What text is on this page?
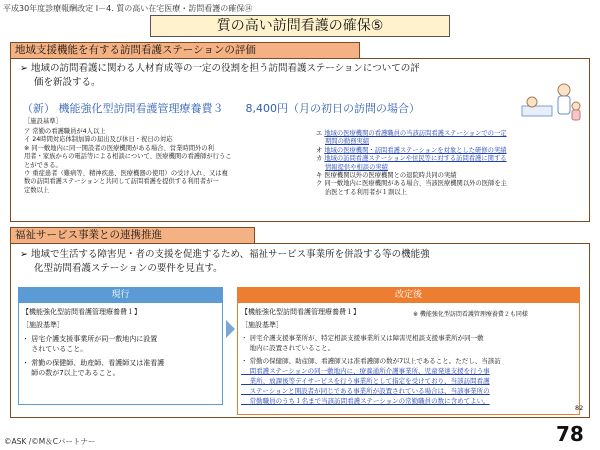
平成30年度診療報酬改定 Ⅰ－4. 質の高い在宅医療・訪問看護の確保⑭
質の高い訪問看護の確保⑤
地域支援機能を有する訪問看護ステーションの評価
➢ 地域の訪問看護に関わる人材育成等の一定の役割を担う訪問看護ステーションについての評
価を新設する。
（新） 機能強化型訪問看護管理療養費３　　8,400円（月の初日の訪問の場合）
［施設基準］
ア 常勤の看護職員が4人以上
イ 24時間対応体制加算の届出及び休日・祝日の対応
※ 同一敷地内に同一開設者の医療機関がある場合、営業時間外の利
用者・家族からの電話等による相談について、医療機関の看護師が行うこ
とができる。
ウ 重症患者（難病等、精神疾患、医療機器の使用）の受け入れ、又は複
数の訪問看護ステーションと共同して訪問看護を提供する利用者が一
定数以上
エ 地域の医療機関の看護職員の当該訪問看護ステーションでの一定
期間の勤務実績
オ 地域の医療機関・訪問看護ステーションを対象とした研修の実績
カ 地域の訪問看護ステーションや住民等に対する訪問看護に関する
情報提供や相談の実績
キ 医療機関以外の医療機関との退院時共同の実績
ク 同一敷地内に医療機関がある場合、当該医療機関以外の医師を主
治医とする利用者が１割以上
福祉サービス事業との連携推進
➢ 地域で生活する障害児・者の支援を促進するため、福祉サービス事業所を併設する等の機能強
化型訪問看護ステーションの要件を見直す。
現行
【機能強化型訪問看護管理療養費１】
［施設基準］
・ 居宅介護支援事業所が同一敷地内に設置
　 されていること。
・ 常勤の保健師、助産師、看護師又は准看護
　 師の数が7以上であること。
改定後
【機能強化型訪問看護管理療養費１】	※ 機能強化型訪問看護管理療養費２も同様
［施設基準］
・ 居宅介護支援事業所が、特定相談支援事業所又は障害児相談支援事業所が同一敷
　 地内に設置されていること。
・ 常勤の保健師、助産師、看護師又は准看護師の数が7以上であること。ただし、当該訪
　 問看護ステーションの同一敷地内に、療養通所介護事業所、児童発達支援を行う事
　 業所、放課後等デイサービスを行う事業所として指定を受けており、当該訪問看護
　 ステーションと開設者が同じである事業所が設置されている場合は、当該事業所の
　 常勤職員のうち１名まで当該訪問看護ステーションの常勤職員の数に含めてよい。
82
©ASK /©M＆Cパートナー	78
